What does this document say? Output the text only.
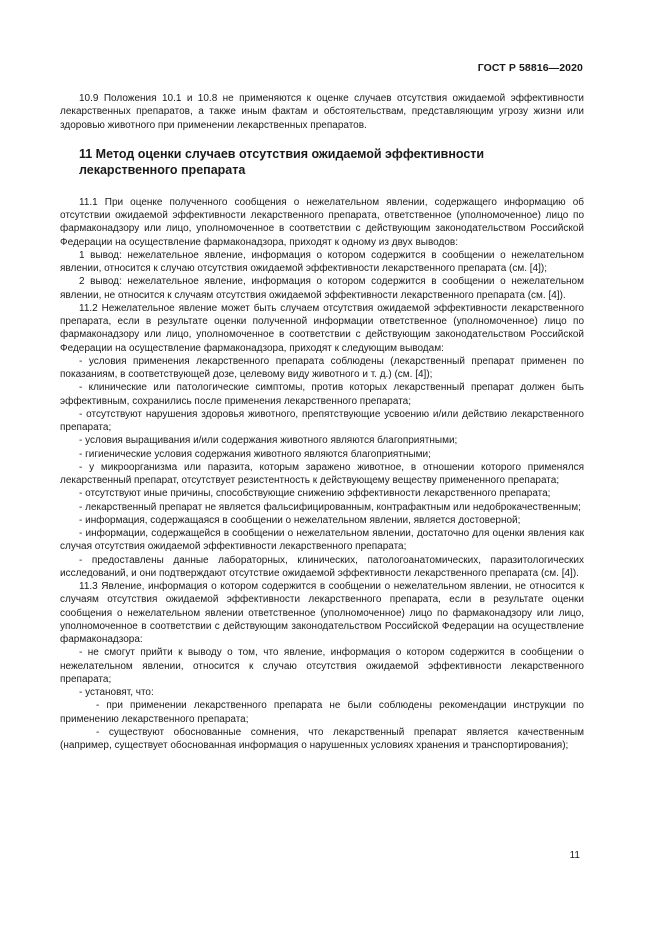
ГОСТ Р 58816—2020

10.9 Положения 10.1 и 10.8 не применяются к оценке случаев отсутствия ожидаемой эффективности лекарственных препаратов, а также иным фактам и обстоятельствам, представляющим угрозу жизни или здоровью животного при применении лекарственных препаратов.

11 Метод оценки случаев отсутствия ожидаемой эффективности лекарственного препарата

11.1 При оценке полученного сообщения о нежелательном явлении, содержащего информацию об отсутствии ожидаемой эффективности лекарственного препарата, ответственное (уполномоченное) лицо по фармаконадзору или лицо, уполномоченное в соответствии с действующим законодательством Российской Федерации на осуществление фармаконадзора, приходят к одному из двух выводов:

1 вывод: нежелательное явление, информация о котором содержится в сообщении о нежелательном явлении, относится к случаю отсутствия ожидаемой эффективности лекарственного препарата (см. [4]);

2 вывод: нежелательное явление, информация о котором содержится в сообщении о нежелательном явлении, не относится к случаям отсутствия ожидаемой эффективности лекарственного препарата (см. [4]).

11.2 Нежелательное явление может быть случаем отсутствия ожидаемой эффективности лекарственного препарата, если в результате оценки полученной информации ответственное (уполномоченное) лицо по фармаконадзору или лицо, уполномоченное в соответствии с действующим законодательством Российской Федерации на осуществление фармаконадзора, приходят к следующим выводам:

- условия применения лекарственного препарата соблюдены (лекарственный препарат применен по показаниям, в соответствующей дозе, целевому виду животного и т. д.) (см. [4]);

- клинические или патологические симптомы, против которых лекарственный препарат должен быть эффективным, сохранились после применения лекарственного препарата;

- отсутствуют нарушения здоровья животного, препятствующие усвоению и/или действию лекарственного препарата;

- условия выращивания и/или содержания животного являются благоприятными;

- гигиенические условия содержания животного являются благоприятными;

- у микроорганизма или паразита, которым заражено животное, в отношении которого применялся лекарственный препарат, отсутствует резистентность к действующему веществу примененного препарата;

- отсутствуют иные причины, способствующие снижению эффективности лекарственного препарата;

- лекарственный препарат не является фальсифицированным, контрафактным или недоброкачественным;

- информация, содержащаяся в сообщении о нежелательном явлении, является достоверной;

- информации, содержащейся в сообщении о нежелательном явлении, достаточно для оценки явления как случая отсутствия ожидаемой эффективности лекарственного препарата;

- предоставлены данные лабораторных, клинических, патологоанатомических, паразитологических исследований, и они подтверждают отсутствие ожидаемой эффективности лекарственного препарата (см. [4]).

11.3 Явление, информация о котором содержится в сообщении о нежелательном явлении, не относится к случаям отсутствия ожидаемой эффективности лекарственного препарата, если в результате оценки сообщения о нежелательном явлении ответственное (уполномоченное) лицо по фармаконадзору или лицо, уполномоченное в соответствии с действующим законодательством Российской Федерации на осуществление фармаконадзора:

- не смогут прийти к выводу о том, что явление, информация о котором содержится в сообщении о нежелательном явлении, относится к случаю отсутствия ожидаемой эффективности лекарственного препарата;

- установят, что:

- при применении лекарственного препарата не были соблюдены рекомендации инструкции по применению лекарственного препарата;

- существуют обоснованные сомнения, что лекарственный препарат является качественным (например, существует обоснованная информация о нарушенных условиях хранения и транспортирования);

11
